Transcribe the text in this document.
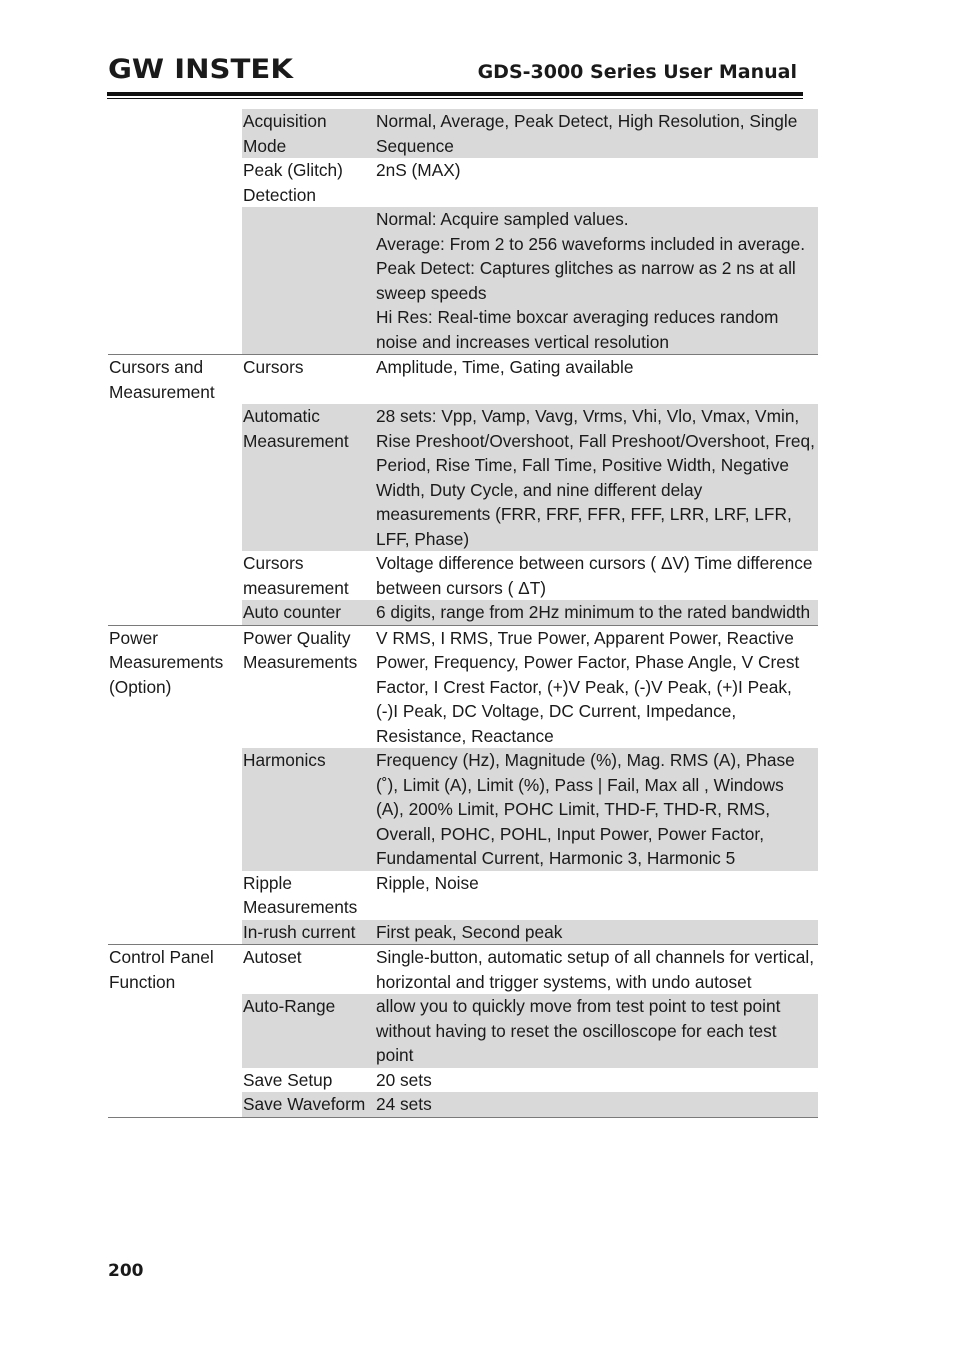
GW INSTEK	GDS-3000 Series User Manual
	Acquisition Mode	Normal, Average, Peak Detect, High Resolution, Single Sequence

	Peak (Glitch) Detection	2nS (MAX)

		Normal: Acquire sampled values.
Average: From 2 to 256 waveforms included in average.
Peak Detect: Captures glitches as narrow as 2 ns at all sweep speeds
Hi Res: Real-time boxcar averaging reduces random noise and increases vertical resolution

Cursors and Measurement	Cursors	Amplitude, Time, Gating available

	Automatic Measurement	28 sets: Vpp, Vamp, Vavg, Vrms, Vhi, Vlo, Vmax, Vmin, Rise Preshoot/Overshoot, Fall Preshoot/Overshoot, Freq, Period, Rise Time, Fall Time, Positive Width, Negative Width, Duty Cycle, and nine different delay measurements (FRR, FRF, FFR, FFF, LRR, LRF, LFR, LFF, Phase)

	Cursors measurement	Voltage difference between cursors ( ΔV) Time difference between cursors ( ΔT)

	Auto counter	6 digits, range from 2Hz minimum to the rated bandwidth

Power Measurements (Option)	Power Quality Measurements	V RMS, I RMS, True Power, Apparent Power, Reactive Power, Frequency, Power Factor, Phase Angle, V Crest Factor, I Crest Factor, (+)V Peak, (-)V Peak, (+)I Peak, (-)I Peak, DC Voltage, DC Current, Impedance, Resistance, Reactance

	Harmonics	Frequency (Hz), Magnitude (%), Mag. RMS (A), Phase (˚), Limit (A), Limit (%), Pass | Fail, Max all , Windows (A), 200% Limit, POHC Limit, THD-F, THD-R, RMS, Overall, POHC, POHL, Input Power, Power Factor, Fundamental Current, Harmonic 3, Harmonic 5

	Ripple Measurements	Ripple, Noise

	In-rush current	First peak, Second peak

Control Panel Function	Autoset	Single-button, automatic setup of all channels for vertical, horizontal and trigger systems, with undo autoset

	Auto-Range	allow you to quickly move from test point to test point without having to reset the oscilloscope for each test point

	Save Setup	20 sets

	Save Waveform	24 sets
200
